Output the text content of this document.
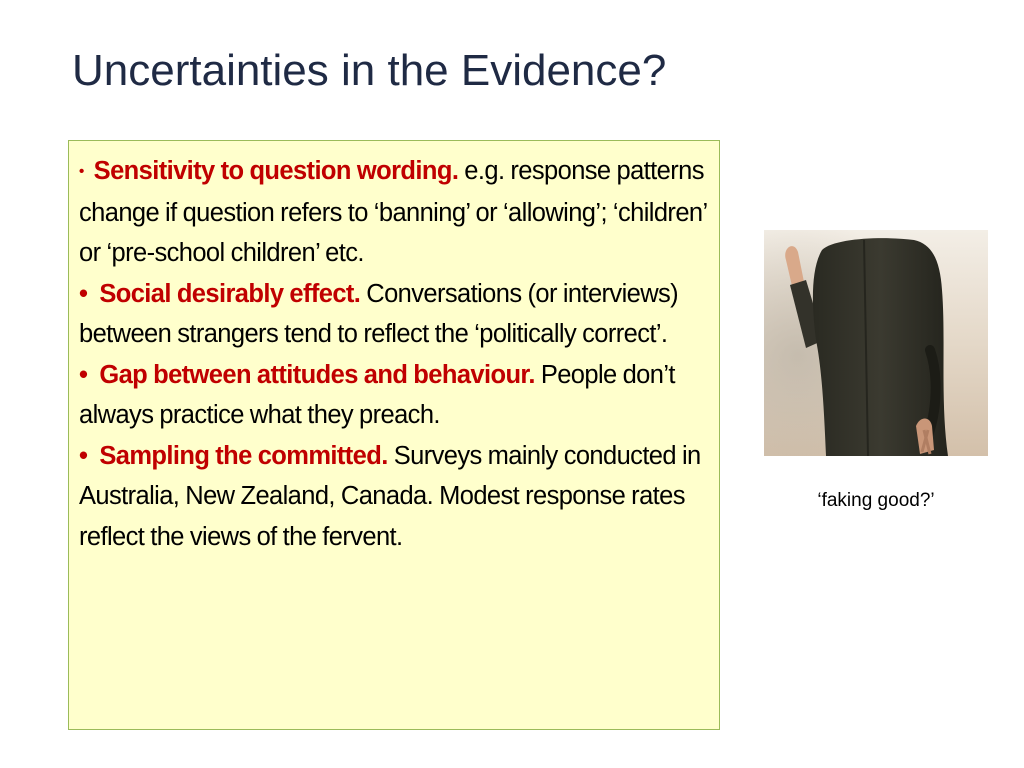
Uncertainties in the Evidence?

• Sensitivity to question wording. e.g. response patterns change if question refers to ‘banning’ or ‘allowing’; ‘children’ or ‘pre-school children’ etc.

• Social desirably effect. Conversations (or interviews) between strangers tend to reflect the ‘politically correct’.

• Gap between attitudes and behaviour. People don’t always practice what they preach.

• Sampling the committed. Surveys mainly conducted in Australia, New Zealand, Canada. Modest response rates reflect the views of the fervent.

‘faking good?’
